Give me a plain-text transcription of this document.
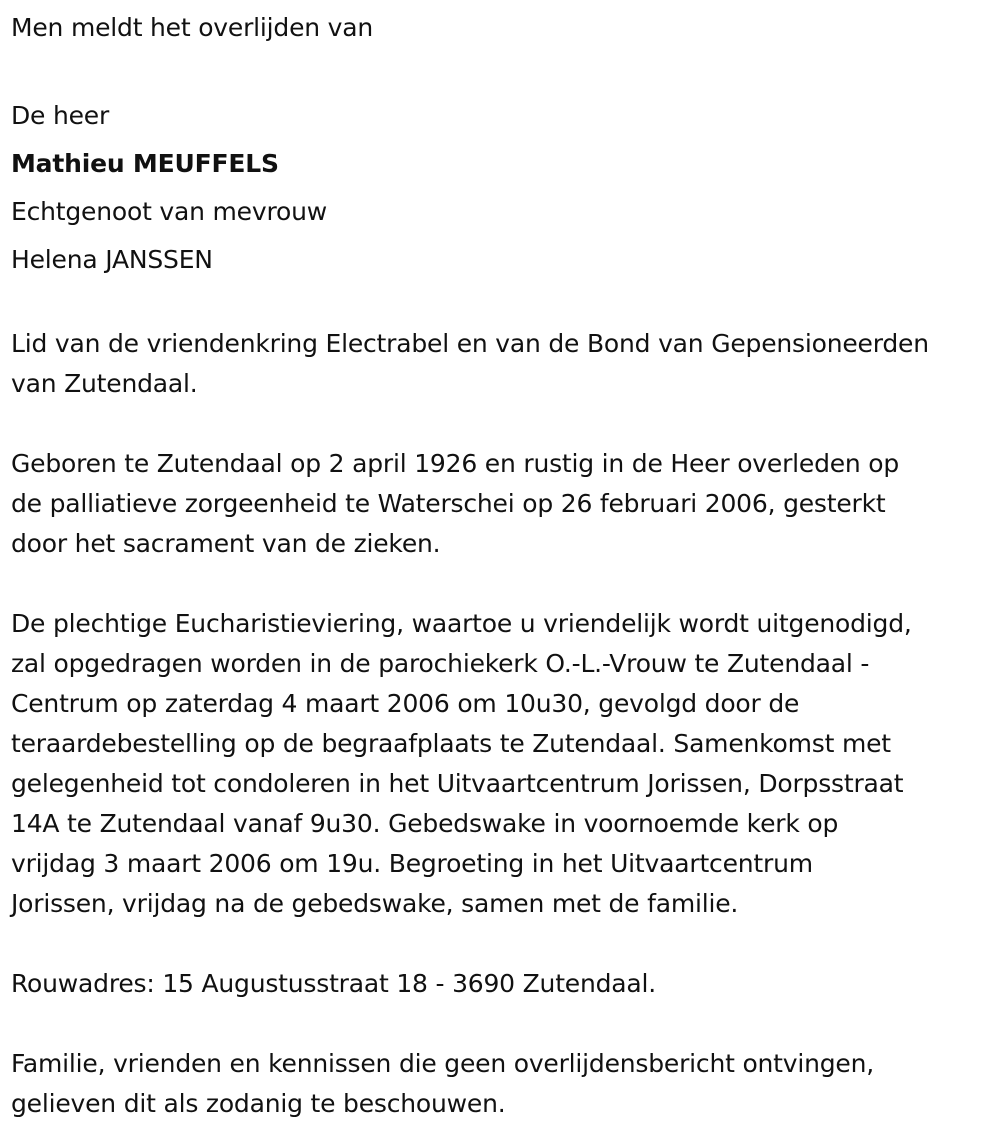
Men meldt het overlijden van
De heer
Mathieu MEUFFELS
Echtgenoot van mevrouw
Helena JANSSEN
Lid van de vriendenkring Electrabel en van de Bond van Gepensioneerden
van Zutendaal.
Geboren te Zutendaal op 2 april 1926 en rustig in de Heer overleden op
de palliatieve zorgeenheid te Waterschei op 26 februari 2006, gesterkt
door het sacrament van de zieken.
De plechtige Eucharistieviering, waartoe u vriendelijk wordt uitgenodigd,
zal opgedragen worden in de parochiekerk O.-L.-Vrouw te Zutendaal -
Centrum op zaterdag 4 maart 2006 om 10u30, gevolgd door de
teraardebestelling op de begraafplaats te Zutendaal. Samenkomst met
gelegenheid tot condoleren in het Uitvaartcentrum Jorissen, Dorpsstraat
14A te Zutendaal vanaf 9u30. Gebedswake in voornoemde kerk op
vrijdag 3 maart 2006 om 19u. Begroeting in het Uitvaartcentrum
Jorissen, vrijdag na de gebedswake, samen met de familie.
Rouwadres: 15 Augustusstraat 18 - 3690 Zutendaal.
Familie, vrienden en kennissen die geen overlijdensbericht ontvingen,
gelieven dit als zodanig te beschouwen.
